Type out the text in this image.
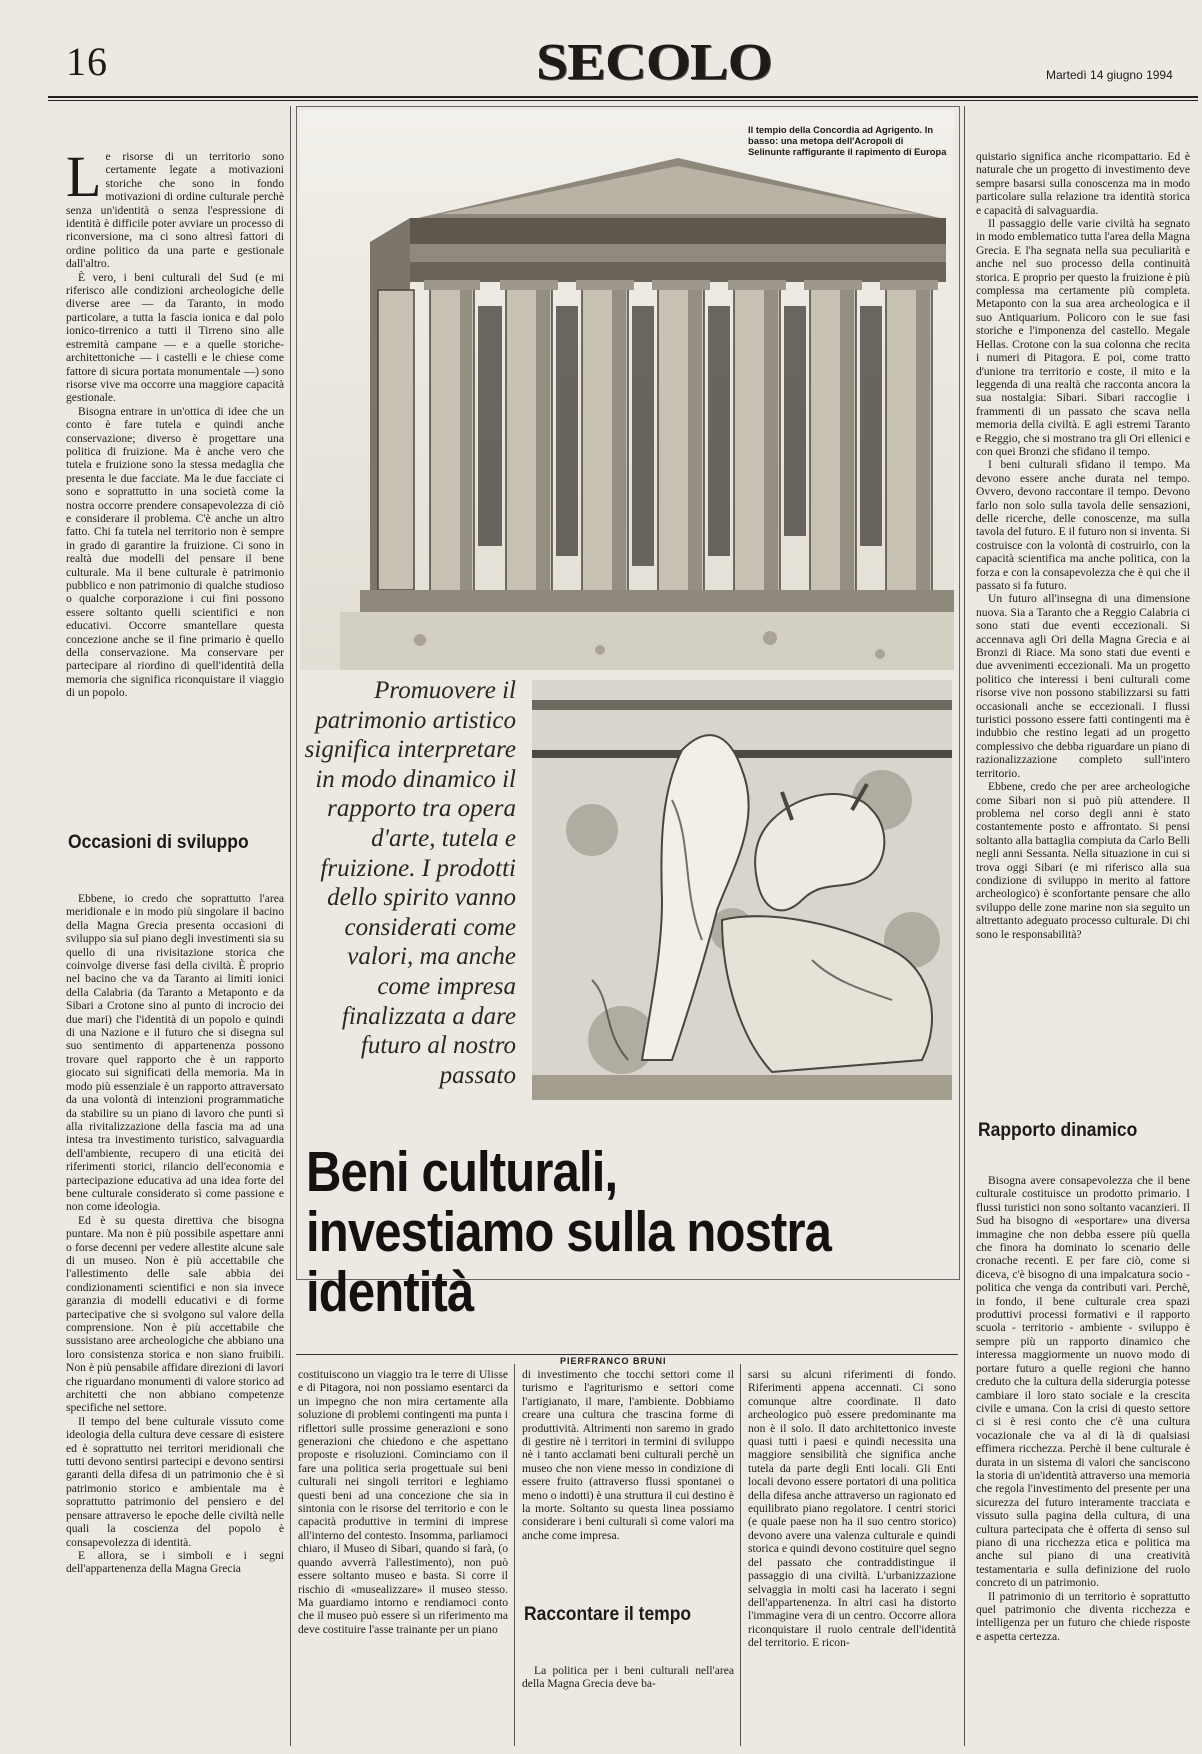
16	SECOLO	Martedì 14 giugno 1994
L e risorse di un territorio sono certamente legate a motivazioni storiche che sono in fondo motivazioni di ordine culturale perchè senza un'identità o senza l'espressione di identità è difficile poter avviare un processo di riconversione, ma ci sono altresì fattori di ordine politico da una parte e gestionale dall'altro.

È vero, i beni culturali del Sud (e mi riferisco alle condizioni archeologiche delle diverse aree — da Taranto, in modo particolare, a tutta la fascia ionica e dal polo ionico-tirrenico a tutti il Tirreno sino alle estremità campane — e a quelle storiche-architettoniche — i castelli e le chiese come fattore di sicura portata monumentale —) sono risorse vive ma occorre una maggiore capacità gestionale.

Bisogna entrare in un'ottica di idee che un conto è fare tutela e quindi anche conservazione; diverso è progettare una politica di fruizione. Ma è anche vero che tutela e fruizione sono la stessa medaglia che presenta le due facciate. Ma le due facciate ci sono e soprattutto in una società come la nostra occorre prendere consapevolezza di ciò e considerare il problema. C'è anche un altro fatto. Chi fa tutela nel territorio non è sempre in grado di garantire la fruizione. Ci sono in realtà due modelli del pensare il bene culturale. Ma il bene culturale è patrimonio pubblico e non patrimonio di qualche studioso o qualche corporazione i cui fini possono essere soltanto quelli scientifici e non educativi. Occorre smantellare questa concezione anche se il fine primario è quello della conservazione. Ma conservare per partecipare al riordino di quell'identità della memoria che significa riconquistare il viaggio di un popolo.

Occasioni di sviluppo

Ebbene, io credo che soprattutto l'area meridionale e in modo più singolare il bacino della Magna Grecia presenta occasioni di sviluppo sia sul piano degli investimenti sia su quello di una rivisitazione storica che coinvolge diverse fasi della civiltà. È proprio nel bacino che va da Taranto ai limiti ionici della Calabria (da Taranto a Metaponto e da Sibari a Crotone sino al punto di incrocio dei due mari) che l'identità di un popolo e quindi di una Nazione e il futuro che si disegna sul suo sentimento di appartenenza possono trovare quel rapporto che è un rapporto giocato sui significati della memoria. Ma in modo più essenziale è un rapporto attraversato da una volontà di intenzioni programmatiche da stabilire su un piano di lavoro che punti sì alla rivitalizzazione della fascia ma ad una intesa tra investimento turistico, salvaguardia dell'ambiente, recupero di una eticità dei riferimenti storici, rilancio dell'economia e partecipazione educativa ad una idea forte del bene culturale considerato sì come passione e non come ideologia.

Ed è su questa direttiva che bisogna puntare. Ma non è più possibile aspettare anni o forse decenni per vedere allestite alcune sale di un museo. Non è più accettabile che l'allestimento delle sale abbia dei condizionamenti scientifici e non sia invece garanzia di modelli educativi e di forme partecipative che si svolgono sul valore della comprensione. Non è più accettabile che sussistano aree archeologiche che abbiano una loro consistenza storica e non siano fruibili. Non è più pensabile affidare direzioni di lavori che riguardano monumenti di valore storico ad architetti che non abbiano competenze specifiche nel settore.

Il tempo del bene culturale vissuto come ideologia della cultura deve cessare di esistere ed è soprattutto nei territori meridionali che tutti devono sentirsi partecipi e devono sentirsi garanti della difesa di un patrimonio che è sì patrimonio storico e ambientale ma è soprattutto patrimonio del pensiero e del pensare attraverso le epoche delle civiltà nelle quali la coscienza del popolo è consapevolezza di identità.

E allora, se i simboli e i segni dell'appartenenza della Magna Grecia

Il tempio della Concordia ad Agrigento. In basso: una metopa dell'Acropoli di Selinunte raffigurante il rapimento di Europa
Promuovere il patrimonio artistico significa interpretare in modo dinamico il rapporto tra opera d'arte, tutela e fruizione. I prodotti dello spirito vanno considerati come valori, ma anche come impresa finalizzata a dare futuro al nostro passato
Beni culturali, investiamo sulla nostra identità
PIERFRANCO BRUNI

costituiscono un viaggio tra le terre di Ulisse e di Pitagora, noi non possiamo esentarci da un impegno che non mira certamente alla soluzione di problemi contingenti ma punta i riflettori sulle prossime generazioni e sono generazioni che chiedono e che aspettano proposte e risoluzioni. Cominciamo con il fare una politica seria progettuale sui beni culturali nei singoli territori e leghiamo questi beni ad una concezione che sia in sintonia con le risorse del territorio e con le capacità produttive in termini di imprese all'interno del contesto. Insomma, parliamoci chiaro, il Museo di Sibari, quando si farà, (o quando avverrà l'allestimento), non può essere soltanto museo e basta. Si corre il rischio di «musealizzare» il museo stesso. Ma guardiamo intorno e rendiamoci conto che il museo può essere sì un riferimento ma deve costituire l'asse trainante per un piano

di investimento che tocchi settori come il turismo e l'agriturismo e settori come l'artigianato, il mare, l'ambiente. Dobbiamo creare una cultura che trascina forme di produttività. Altrimenti non saremo in grado di gestire nè i territori in termini di sviluppo nè i tanto acclamati beni culturali perchè un museo che non viene messo in condizione di essere fruito (attraverso flussi spontanei o meno o indotti) è una struttura il cui destino è la morte. Soltanto su questa linea possiamo considerare i beni culturali sì come valori ma anche come impresa.

Raccontare il tempo

La politica per i beni culturali nell'area della Magna Grecia deve ba-

sarsi su alcuni riferimenti di fondo. Riferimenti appena accennati. Ci sono comunque altre coordinate. Il dato archeologico può essere predominante ma non è il solo. Il dato architettonico investe quasi tutti i paesi e quindi necessita una maggiore sensibilità che significa anche tutela da parte degli Enti locali. Gli Enti locali devono essere portatori di una politica della difesa anche attraverso un ragionato ed equilibrato piano regolatore. I centri storici (e quale paese non ha il suo centro storico) devono avere una valenza culturale e quindi storica e quindi devono costituire quel segno del passato che contraddistingue il passaggio di una civiltà. L'urbanizzazione selvaggia in molti casi ha lacerato i segni dell'appartenenza. In altri casi ha distorto l'immagine vera di un centro. Occorre allora riconquistare il ruolo centrale dell'identità del territorio. E ricon-

quistario significa anche ricompattario. Ed è naturale che un progetto di investimento deve sempre basarsi sulla conoscenza ma in modo particolare sulla relazione tra identità storica e capacità di salvaguardia.

Il passaggio delle varie civiltà ha segnato in modo emblematico tutta l'area della Magna Grecia. E l'ha segnata nella sua peculiarità e anche nel suo processo della continuità storica. E proprio per questo la fruizione è più complessa ma certamente più completa. Metaponto con la sua area archeologica e il suo Antiquarium. Policoro con le sue fasi storiche e l'imponenza del castello. Megale Hellas. Crotone con la sua colonna che recita i numeri di Pitagora. E poi, come tratto d'unione tra territorio e coste, il mito e la leggenda di una realtà che racconta ancora la sua nostalgia: Sibari. Sibari raccoglie i frammenti di un passato che scava nella memoria della civiltà. E agli estremi Taranto e Reggio, che si mostrano tra gli Ori ellenici e con quei Bronzi che sfidano il tempo.

I beni culturali sfidano il tempo. Ma devono essere anche durata nel tempo. Ovvero, devono raccontare il tempo. Devono farlo non solo sulla tavola delle sensazioni, delle ricerche, delle conoscenze, ma sulla tavola del futuro. E il futuro non si inventa. Si costruisce con la volontà di costruirlo, con la capacità scientifica ma anche politica, con la forza e con la consapevolezza che è qui che il passato si fa futuro.

Un futuro all'insegna di una dimensione nuova. Sia a Taranto che a Reggio Calabria ci sono stati due eventi eccezionali. Si accennava agli Ori della Magna Grecia e ai Bronzi di Riace. Ma sono stati due eventi e due avvenimenti eccezionali. Ma un progetto politico che interessi i beni culturali come risorse vive non possono stabilizzarsi su fatti occasionali anche se eccezionali. I flussi turistici possono essere fatti contingenti ma è indubbio che restino legati ad un progetto complessivo che debba riguardare un piano di razionalizzazione completo sull'intero territorio.

Ebbene, credo che per aree archeologiche come Sibari non si può più attendere. Il problema nel corso degli anni è stato costantemente posto e affrontato. Si pensi soltanto alla battaglia compiuta da Carlo Belli negli anni Sessanta. Nella situazione in cui si trova oggi Sibari (e mi riferisco alla sua condizione di sviluppo in merito al fattore archeologico) è sconfortante pensare che allo sviluppo delle zone marine non sia seguito un altrettanto adeguato processo culturale. Di chi sono le responsabilità?

Rapporto dinamico

Bisogna avere consapevolezza che il bene culturale costituisce un prodotto primario. I flussi turistici non sono soltanto vacanzieri. Il Sud ha bisogno di «esportare» una diversa immagine che non debba essere più quella che finora ha dominato lo scenario delle cronache recenti. E per fare ciò, come si diceva, c'è bisogno di una impalcatura socio - politica che venga da contributi vari. Perchè, in fondo, il bene culturale crea spazi produttivi processi formativi e il rapporto scuola - territorio - ambiente - sviluppo è sempre più un rapporto dinamico che interessa maggiormente un nuovo modo di portare futuro a quelle regioni che hanno creduto che la cultura della siderurgia potesse cambiare il loro stato sociale e la crescita civile e umana. Con la crisi di questo settore ci si è resi conto che c'è una cultura vocazionale che va al di là di qualsiasi effimera ricchezza. Perchè il bene culturale è durata in un sistema di valori che sanciscono la storia di un'identità attraverso una memoria che regola l'investimento del presente per una sicurezza del futuro interamente tracciata e vissuto sulla pagina della cultura, di una cultura partecipata che è offerta di senso sul piano di una ricchezza etica e politica ma anche sul piano di una creatività testamentaria e sulla definizione del ruolo concreto di un patrimonio.

Il patrimonio di un territorio è soprattutto quel patrimonio che diventa ricchezza e intelligenza per un futuro che chiede risposte e aspetta certezza.
